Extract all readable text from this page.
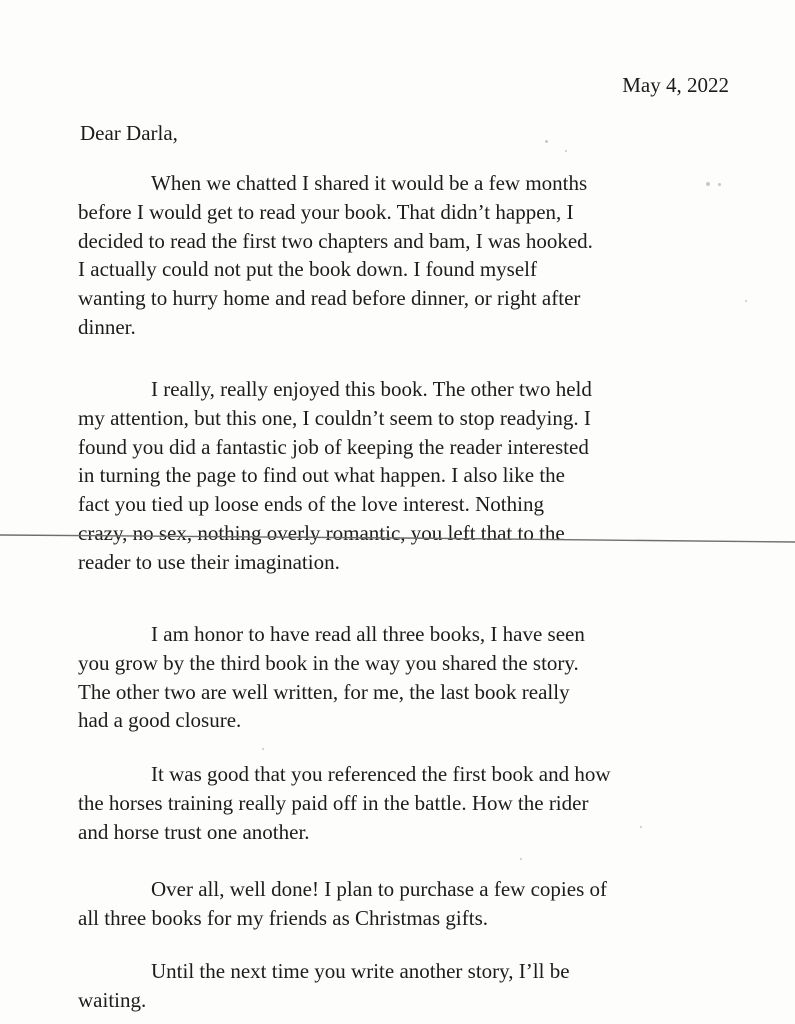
May 4, 2022
Dear Darla,
When we chatted I shared it would be a few months
before I would get to read your book. That didn’t happen, I
decided to read the first two chapters and bam, I was hooked.
I actually could not put the book down. I found myself
wanting to hurry home and read before dinner, or right after
dinner.
I really, really enjoyed this book. The other two held
my attention, but this one, I couldn’t seem to stop readying. I
found you did a fantastic job of keeping the reader interested
in turning the page to find out what happen. I also like the
fact you tied up loose ends of the love interest. Nothing
crazy, no sex, nothing overly romantic, you left that to the
reader to use their imagination.
I am honor to have read all three books, I have seen
you grow by the third book in the way you shared the story.
The other two are well written, for me, the last book really
had a good closure.
It was good that you referenced the first book and how
the horses training really paid off in the battle. How the rider
and horse trust one another.
Over all, well done! I plan to purchase a few copies of
all three books for my friends as Christmas gifts.
Until the next time you write another story, I’ll be
waiting.
